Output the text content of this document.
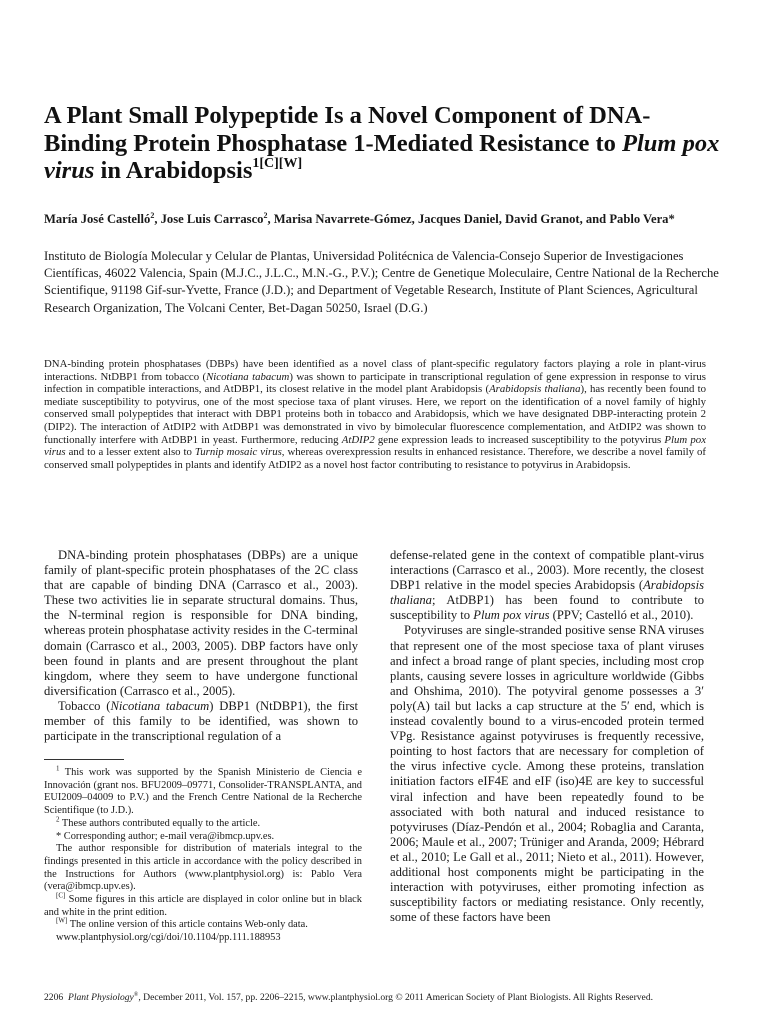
A Plant Small Polypeptide Is a Novel Component of DNA-Binding Protein Phosphatase 1-Mediated Resistance to Plum pox virus in Arabidopsis$^{1[C][W]}$
María José Castelló$^2$, Jose Luis Carrasco$^2$, Marisa Navarrete-Gómez, Jacques Daniel, David Granot, and Pablo Vera*
Instituto de Biología Molecular y Celular de Plantas, Universidad Politécnica de Valencia-Consejo Superior de Investigaciones Científicas, 46022 Valencia, Spain (M.J.C., J.L.C., M.N.-G., P.V.); Centre de Genetique Moleculaire, Centre National de la Recherche Scientifique, 91198 Gif-sur-Yvette, France (J.D.); and Department of Vegetable Research, Institute of Plant Sciences, Agricultural Research Organization, The Volcani Center, Bet-Dagan 50250, Israel (D.G.)
DNA-binding protein phosphatases (DBPs) have been identified as a novel class of plant-specific regulatory factors playing a role in plant-virus interactions. NtDBP1 from tobacco (Nicotiana tabacum) was shown to participate in transcriptional regulation of gene expression in response to virus infection in compatible interactions, and AtDBP1, its closest relative in the model plant Arabidopsis (Arabidopsis thaliana), has recently been found to mediate susceptibility to potyvirus, one of the most speciose taxa of plant viruses. Here, we report on the identification of a novel family of highly conserved small polypeptides that interact with DBP1 proteins both in tobacco and Arabidopsis, which we have designated DBP-interacting protein 2 (DIP2). The interaction of AtDIP2 with AtDBP1 was demonstrated in vivo by bimolecular fluorescence complementation, and AtDIP2 was shown to functionally interfere with AtDBP1 in yeast. Furthermore, reducing AtDIP2 gene expression leads to increased susceptibility to the potyvirus Plum pox virus and to a lesser extent also to Turnip mosaic virus, whereas overexpression results in enhanced resistance. Therefore, we describe a novel family of conserved small polypeptides in plants and identify AtDIP2 as a novel host factor contributing to resistance to potyvirus in Arabidopsis.

DNA-binding protein phosphatases (DBPs) are a unique family of plant-specific protein phosphatases of the 2C class that are capable of binding DNA (Carrasco et al., 2003). These two activities lie in separate structural domains. Thus, the N-terminal region is responsible for DNA binding, whereas protein phosphatase activity resides in the C-terminal domain (Carrasco et al., 2003, 2005). DBP factors have only been found in plants and are present throughout the plant kingdom, where they seem to have undergone functional diversification (Carrasco et al., 2005).

Tobacco (Nicotiana tabacum) DBP1 (NtDBP1), the first member of this family to be identified, was shown to participate in the transcriptional regulation of a

$^1$ This work was supported by the Spanish Ministerio de Ciencia e Innovación (grant nos. BFU2009–09771, Consolider-TRANSPLANTA, and EUI2009–04009 to P.V.) and the French Centre National de la Recherche Scientifique (to J.D.).

$^2$ These authors contributed equally to the article.

* Corresponding author; e-mail vera@ibmcp.upv.es.

The author responsible for distribution of materials integral to the findings presented in this article in accordance with the policy described in the Instructions for Authors (www.plantphysiol.org) is: Pablo Vera (vera@ibmcp.upv.es).

[C] Some figures in this article are displayed in color online but in black and white in the print edition.

[W] The online version of this article contains Web-only data.

www.plantphysiol.org/cgi/doi/10.1104/pp.111.188953

defense-related gene in the context of compatible plant-virus interactions (Carrasco et al., 2003). More recently, the closest DBP1 relative in the model species Arabidopsis (Arabidopsis thaliana; AtDBP1) has been found to contribute to susceptibility to Plum pox virus (PPV; Castelló et al., 2010).

Potyviruses are single-stranded positive sense RNA viruses that represent one of the most speciose taxa of plant viruses and infect a broad range of plant species, including most crop plants, causing severe losses in agriculture worldwide (Gibbs and Ohshima, 2010). The potyviral genome possesses a 3′ poly(A) tail but lacks a cap structure at the 5′ end, which is instead covalently bound to a virus-encoded protein termed VPg. Resistance against potyviruses is frequently recessive, pointing to host factors that are necessary for completion of the virus infective cycle. Among these proteins, translation initiation factors eIF4E and eIF (iso)4E are key to successful viral infection and have been repeatedly found to be associated with both natural and induced resistance to potyviruses (Díaz-Pendón et al., 2004; Robaglia and Caranta, 2006; Maule et al., 2007; Trüniger and Aranda, 2009; Hébrard et al., 2010; Le Gall et al., 2011; Nieto et al., 2011). However, additional host components might be participating in the interaction with potyviruses, either promoting infection as susceptibility factors or mediating resistance. Only recently, some of these factors have been

2206 Plant Physiology®, December 2011, Vol. 157, pp. 2206–2215, www.plantphysiol.org © 2011 American Society of Plant Biologists. All Rights Reserved.
